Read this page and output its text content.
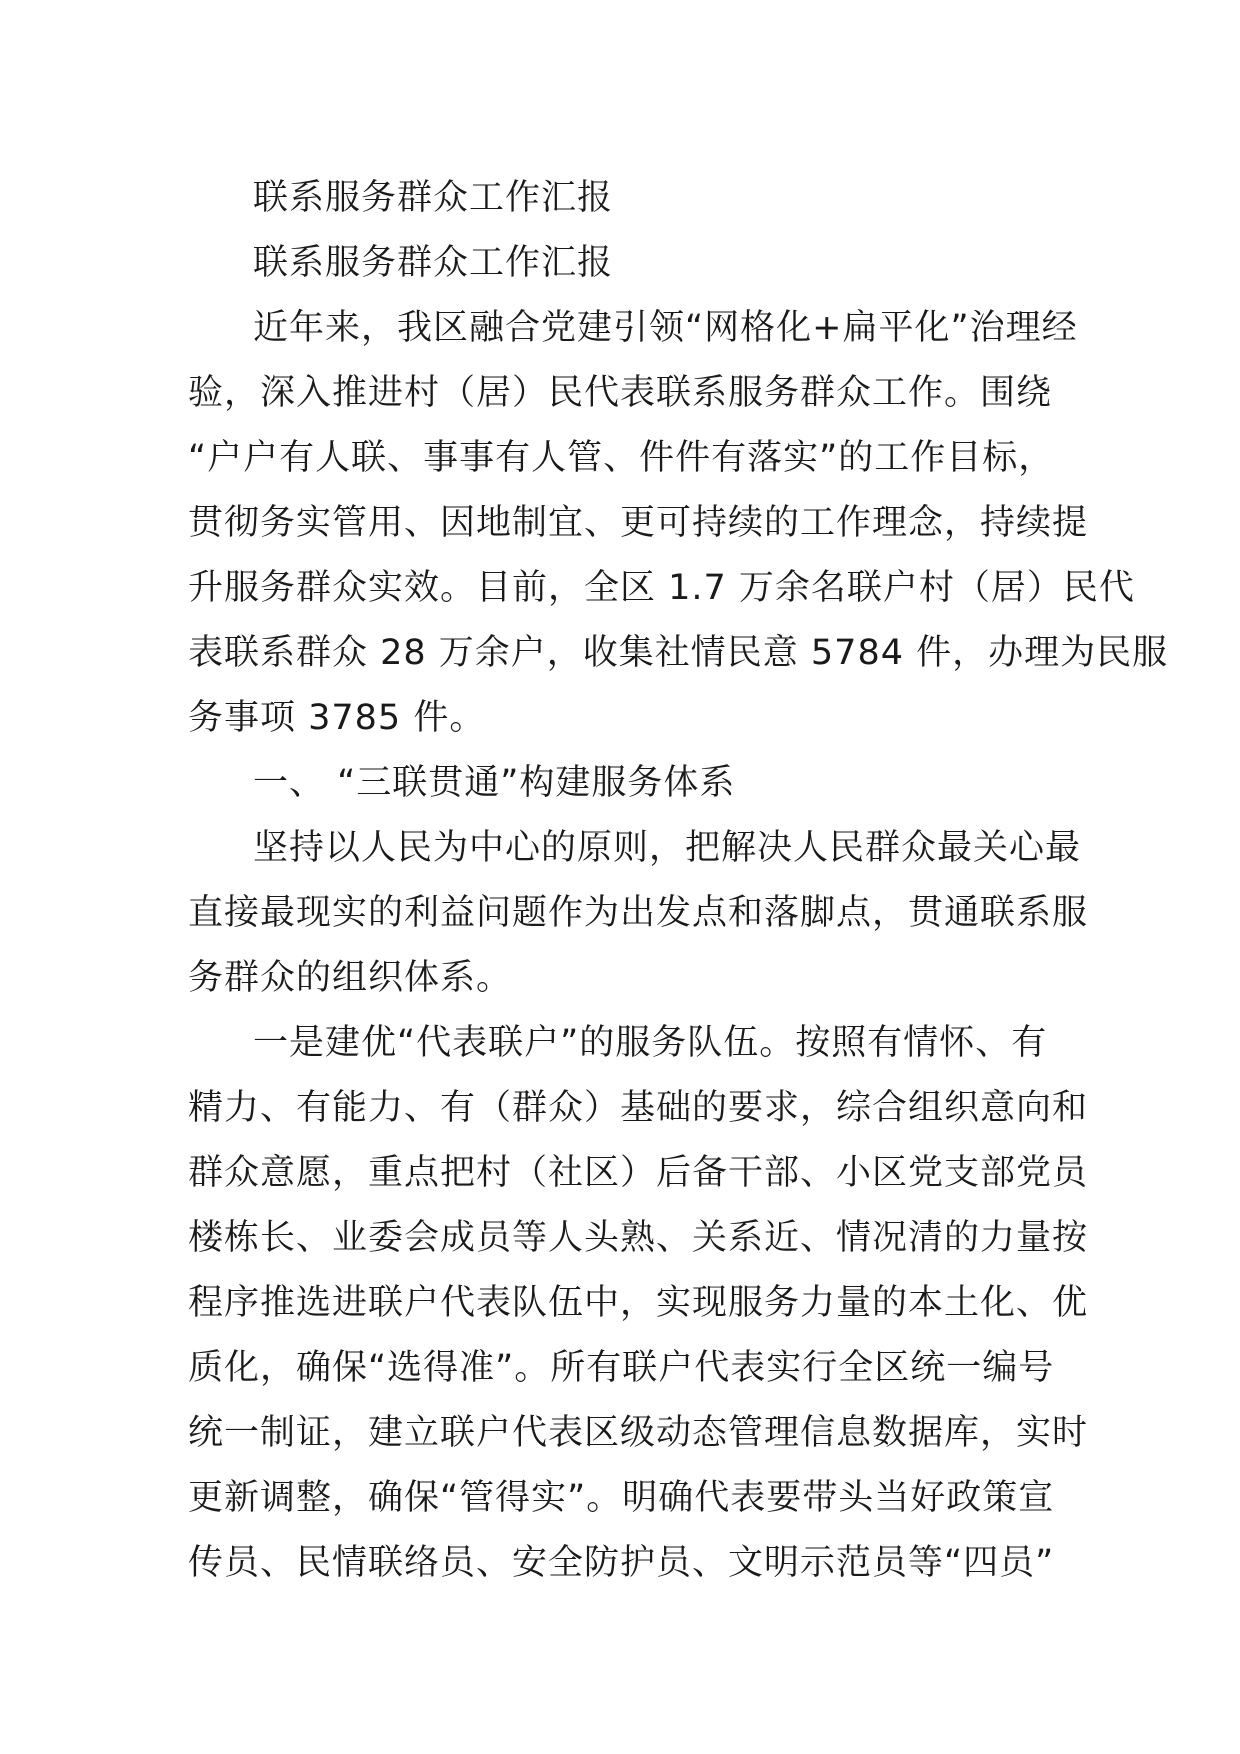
联系服务群众工作汇报
联系服务群众工作汇报
近年来，我区融合党建引领“网格化+扁平化”治理经
验，深入推进村（居）民代表联系服务群众工作。围绕
“户户有人联、事事有人管、件件有落实”的工作目标，
贯彻务实管用、因地制宜、更可持续的工作理念，持续提
升服务群众实效。目前，全区 1.7 万余名联户村（居）民代
表联系群众 28 万余户，收集社情民意 5784 件，办理为民服
务事项 3785 件。
一、 “三联贯通”构建服务体系
坚持以人民为中心的原则，把解决人民群众最关心最
直接最现实的利益问题作为出发点和落脚点，贯通联系服
务群众的组织体系。
一是建优“代表联户”的服务队伍。按照有情怀、有
精力、有能力、有（群众）基础的要求，综合组织意向和
群众意愿，重点把村（社区）后备干部、小区党支部党员
楼栋长、业委会成员等人头熟、关系近、情况清的力量按
程序推选进联户代表队伍中，实现服务力量的本土化、优
质化，确保“选得准”。所有联户代表实行全区统一编号
统一制证，建立联户代表区级动态管理信息数据库，实时
更新调整，确保“管得实”。明确代表要带头当好政策宣
传员、民情联络员、安全防护员、文明示范员等“四员”
